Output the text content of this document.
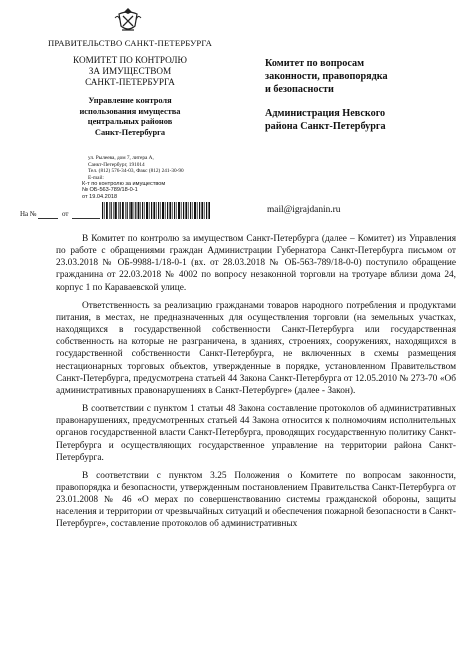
ПРАВИТЕЛЬСТВО САНКТ-ПЕТЕРБУРГА
КОМИТЕТ ПО КОНТРОЛЮ
ЗА ИМУЩЕСТВОМ
САНКТ-ПЕТЕРБУРГА
Управление контроля
использования имущества
центральных районов
Санкт-Петербурга
ул. Рылеева, дом 7, литера А,
Санкт-Петербург, 191014
Тел. (812) 576-34-03, Факс (812) 241-30-90
E-mail:
К-т по контролю за имуществом
№ ОБ-563-789/18-0-1
от 19.04.2018
На №	от
Комитет по вопросам
законности, правопорядка
и безопасности
Администрация Невского
района Санкт-Петербурга
mail@igrajdanin.ru

В Комитет по контролю за имуществом Санкт-Петербурга (далее – Комитет) из Управления по работе с обращениями граждан Администрации Губернатора Санкт-Петербурга письмом от 23.03.2018 № ОБ-9988-1/18-0-1 (вх. от 28.03.2018 № ОБ-563-789/18-0-0) поступило обращение гражданина от 22.03.2018 № 4002 по вопросу незаконной торговли на тротуаре вблизи дома 24, корпус 1 по Караваевской улице.

Ответственность за реализацию гражданами товаров народного потребления и продуктами питания, в местах, не предназначенных для осуществления торговли (на земельных участках, находящихся в государственной собственности Санкт-Петербурга или государственная собственность на которые не разграничена, в зданиях, строениях, сооружениях, находящихся в государственной собственности Санкт-Петербурга, не включенных в схемы размещения нестационарных торговых объектов, утвержденные в порядке, установленном Правительством Санкт-Петербурга, предусмотрена статьей 44 Закона Санкт-Петербурга от 12.05.2010 № 273-70 «Об административных правонарушениях в Санкт-Петербурге» (далее - Закон).

В соответствии с пунктом 1 статьи 48 Закона составление протоколов об административных правонарушениях, предусмотренных статьей 44 Закона относится к полномочиям исполнительных органов государственной власти Санкт-Петербурга, проводящих государственную политику Санкт-Петербурга и осуществляющих государственное управление на территории района Санкт-Петербурга.

В соответствии с пунктом 3.25 Положения о Комитете по вопросам законности, правопорядка и безопасности, утвержденным постановлением Правительства Санкт-Петербурга от 23.01.2008 № 46 «О мерах по совершенствованию системы гражданской обороны, защиты населения и территории от чрезвычайных ситуаций и обеспечения пожарной безопасности в Санкт-Петербурге», составление протоколов об административных
